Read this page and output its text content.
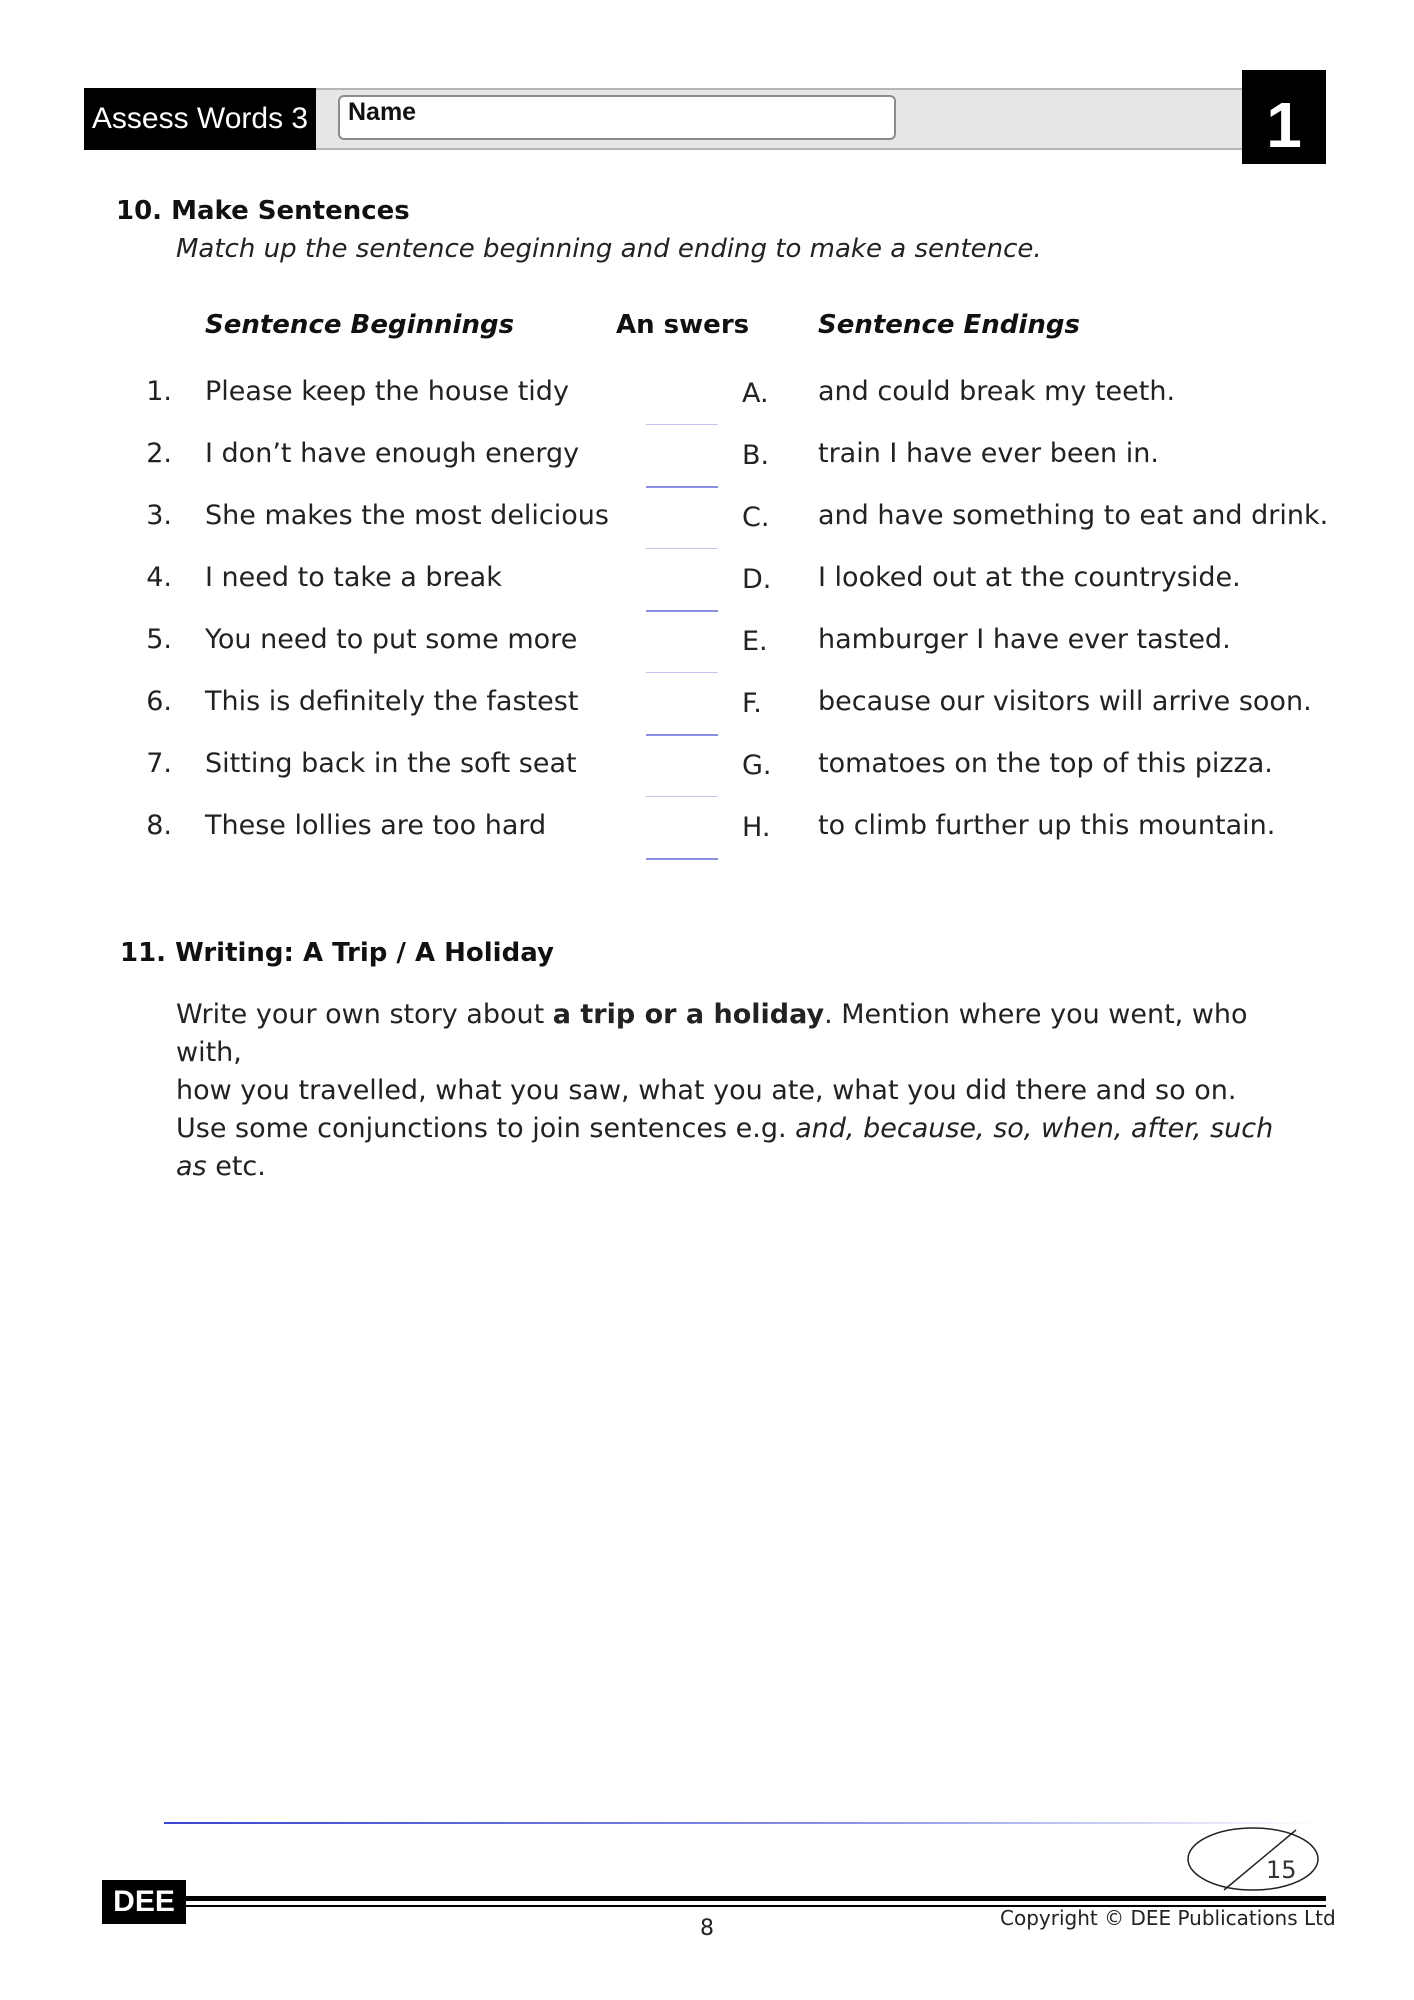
Assess Words 3	Name	1
10. Make Sentences
Match up the sentence beginning and ending to make a sentence.
Sentence Beginnings	An swers	Sentence Endings
1. Please keep the house tidy	A.	and could break my teeth.
2. I don’t have enough energy	B.	train I have ever been in.
3. She makes the most delicious	C.	and have something to eat and drink.
4. I need to take a break	D.	I looked out at the countryside.
5. You need to put some more	E.	hamburger I have ever tasted.
6. This is definitely the fastest	F.	because our visitors will arrive soon.
7. Sitting back in the soft seat	G.	tomatoes on the top of this pizza.
8. These lollies are too hard	H.	to climb further up this mountain.
11. Writing: A Trip / A Holiday
Write your own story about a trip or a holiday. Mention where you went, who with,
how you travelled, what you saw, what you ate, what you did there and so on.
Use some conjunctions to join sentences e.g. and, because, so, when, after, such as etc.
15
DEE	Copyright © DEE Publications Ltd
8
